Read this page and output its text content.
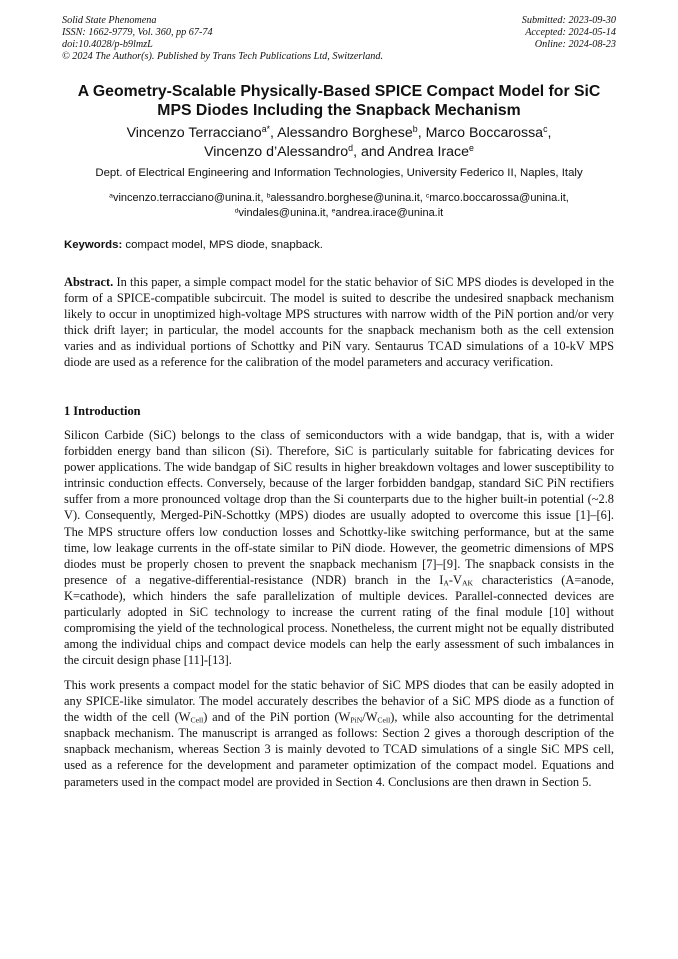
Solid State Phenomena
ISSN: 1662-9779, Vol. 360, pp 67-74
doi:10.4028/p-b9lmzL
© 2024 The Author(s). Published by Trans Tech Publications Ltd, Switzerland.
Submitted: 2023-09-30
Accepted: 2024-05-14
Online: 2024-08-23
A Geometry-Scalable Physically-Based SPICE Compact Model for SiC
MPS Diodes Including the Snapback Mechanism
Vincenzo Terracciano$^{a*}$, Alessandro Borghese$^b$, Marco Boccarossa$^c$,
Vincenzo d’Alessandro$^d$, and Andrea Irace$^e$
Dept. of Electrical Engineering and Information Technologies, University Federico II, Naples, Italy
$^a$vincenzo.terracciano@unina.it, $^b$alessandro.borghese@unina.it, $^c$marco.boccarossa@unina.it,
$^d$vindales@unina.it, $^e$andrea.irace@unina.it
Keywords: compact model, MPS diode, snapback.
Abstract. In this paper, a simple compact model for the static behavior of SiC MPS diodes is developed in the form of a SPICE-compatible subcircuit. The model is suited to describe the undesired snapback mechanism likely to occur in unoptimized high-voltage MPS structures with narrow width of the PiN portion and/or very thick drift layer; in particular, the model accounts for the snapback mechanism both as the cell extension varies and as individual portions of Schottky and PiN vary. Sentaurus TCAD simulations of a 10-kV MPS diode are used as a reference for the calibration of the model parameters and accuracy verification.
1 Introduction
Silicon Carbide (SiC) belongs to the class of semiconductors with a wide bandgap, that is, with a wider forbidden energy band than silicon (Si). Therefore, SiC is particularly suitable for fabricating devices for power applications. The wide bandgap of SiC results in higher breakdown voltages and lower susceptibility to intrinsic conduction effects. Conversely, because of the larger forbidden bandgap, standard SiC PiN rectifiers suffer from a more pronounced voltage drop than the Si counterparts due to the higher built-in potential (~2.8 V). Consequently, Merged-PiN-Schottky (MPS) diodes are usually adopted to overcome this issue [1]–[6]. The MPS structure offers low conduction losses and Schottky-like switching performance, but at the same time, low leakage currents in the off-state similar to PiN diode. However, the geometric dimensions of MPS diodes must be properly chosen to prevent the snapback mechanism [7]–[9]. The snapback consists in the presence of a negative-differential-resistance (NDR) branch in the $I_A-V_{AK}$ characteristics (A=anode, K=cathode), which hinders the safe parallelization of multiple devices. Parallel-connected devices are particularly adopted in SiC technology to increase the current rating of the final module [10] without compromising the yield of the technological process. Nonetheless, the current might not be equally distributed among the individual chips and compact device models can help the early assessment of such imbalances in the circuit design phase [11]-[13].
This work presents a compact model for the static behavior of SiC MPS diodes that can be easily adopted in any SPICE-like simulator. The model accurately describes the behavior of a SiC MPS diode as a function of the width of the cell $(W_{Cell})$ and of the PiN portion $(W_{PiN}/W_{Cell})$, while also accounting for the detrimental snapback mechanism. The manuscript is arranged as follows: Section 2 gives a thorough description of the snapback mechanism, whereas Section 3 is mainly devoted to TCAD simulations of a single SiC MPS cell, used as a reference for the development and parameter optimization of the compact model. Equations and parameters used in the compact model are provided in Section 4. Conclusions are then drawn in Section 5.
